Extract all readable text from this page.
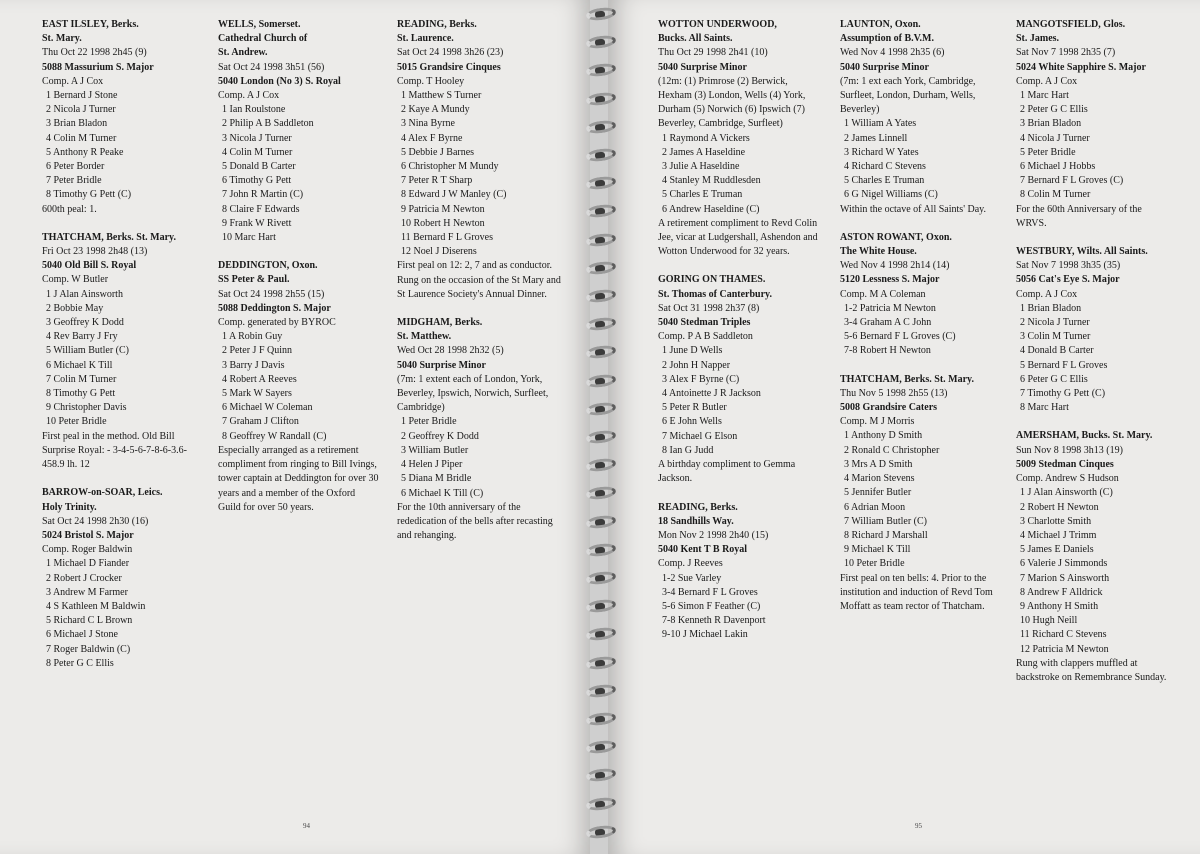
EAST ILSLEY, Berks.
St. Mary.
Thu Oct 22 1998 2h45 (9)
5088 Massurium S. Major
Comp. A J Cox
1 Bernard J Stone
2 Nicola J Turner
3 Brian Bladon
4 Colin M Turner
5 Anthony R Peake
6 Peter Border
7 Peter Bridle
8 Timothy G Pett (C)
600th peal: 1.
THATCHAM, Berks. St. Mary.
Fri Oct 23 1998 2h48 (13)
5040 Old Bill S. Royal
Comp. W Butler
1 J Alan Ainsworth
2 Bobbie May
3 Geoffrey K Dodd
4 Rev Barry J Fry
5 William Butler (C)
6 Michael K Till
7 Colin M Turner
8 Timothy G Pett
9 Christopher Davis
10 Peter Bridle
First peal in the method. Old Bill Surprise Royal: - 3-4-5-6-7-8-6-3.6-458.9 lh. 12
BARROW-on-SOAR, Leics.
Holy Trinity.
Sat Oct 24 1998 2h30 (16)
5024 Bristol S. Major
Comp. Roger Baldwin
1 Michael D Fiander
2 Robert J Crocker
3 Andrew M Farmer
4 S Kathleen M Baldwin
5 Richard C L Brown
6 Michael J Stone
7 Roger Baldwin (C)
8 Peter G C Ellis
WELLS, Somerset.
Cathedral Church of
St. Andrew.
Sat Oct 24 1998 3h51 (56)
5040 London (No 3) S. Royal
Comp. A J Cox
1 Ian Roulstone
2 Philip A B Saddleton
3 Nicola J Turner
4 Colin M Turner
5 Donald B Carter
6 Timothy G Pett
7 John R Martin (C)
8 Claire F Edwards
9 Frank W Rivett
10 Marc Hart
DEDDINGTON, Oxon.
SS Peter & Paul.
Sat Oct 24 1998 2h55 (15)
5088 Deddington S. Major
Comp. generated by BYROC
1 A Robin Guy
2 Peter J F Quinn
3 Barry J Davis
4 Robert A Reeves
5 Mark W Sayers
6 Michael W Coleman
7 Graham J Clifton
8 Geoffrey W Randall (C)
Especially arranged as a retirement compliment from ringing to Bill Ivings, tower captain at Deddington for over 30 years and a member of the Oxford Guild for over 50 years.
READING, Berks.
St. Laurence.
Sat Oct 24 1998 3h26 (23)
5015 Grandsire Cinques
Comp. T Hooley
1 Matthew S Turner
2 Kaye A Mundy
3 Nina Byrne
4 Alex F Byrne
5 Debbie J Barnes
6 Christopher M Mundy
7 Peter R T Sharp
8 Edward J W Manley (C)
9 Patricia M Newton
10 Robert H Newton
11 Bernard F L Groves
12 Noel J Diserens
First peal on 12: 2, 7 and as conductor. Rung on the occasion of the St Mary and St Laurence Society's Annual Dinner.
MIDGHAM, Berks.
St. Matthew.
Wed Oct 28 1998 2h32 (5)
5040 Surprise Minor
(7m: 1 extent each of London, York, Beverley, Ipswich, Norwich, Surfleet, Cambridge)
1 Peter Bridle
2 Geoffrey K Dodd
3 William Butler
4 Helen J Piper
5 Diana M Bridle
6 Michael K Till (C)
For the 10th anniversary of the rededication of the bells after recasting and rehanging.
94
WOTTON UNDERWOOD,
Bucks. All Saints.
Thu Oct 29 1998 2h41 (10)
5040 Surprise Minor
(12m: (1) Primrose (2) Berwick, Hexham (3) London, Wells (4) York, Durham (5) Norwich (6) Ipswich (7) Beverley, Cambridge, Surfleet)
1 Raymond A Vickers
2 James A Haseldine
3 Julie A Haseldine
4 Stanley M Ruddlesden
5 Charles E Truman
6 Andrew Haseldine (C)
A retirement compliment to Revd Colin Jee, vicar at Ludgershall, Ashendon and Wotton Underwood for 32 years.
GORING ON THAMES.
St. Thomas of Canterbury.
Sat Oct 31 1998 2h37 (8)
5040 Stedman Triples
Comp. P A B Saddleton
1 June D Wells
2 John H Napper
3 Alex F Byrne (C)
4 Antoinette J R Jackson
5 Peter R Butler
6 E John Wells
7 Michael G Elson
8 Ian G Judd
A birthday compliment to Gemma Jackson.
READING, Berks.
18 Sandhills Way.
Mon Nov 2 1998 2h40 (15)
5040 Kent T B Royal
Comp. J Reeves
1-2 Sue Varley
3-4 Bernard F L Groves
5-6 Simon F Feather (C)
7-8 Kenneth R Davenport
9-10 J Michael Lakin
LAUNTON, Oxon.
Assumption of B.V.M.
Wed Nov 4 1998 2h35 (6)
5040 Surprise Minor
(7m: 1 ext each York, Cambridge, Surfleet, London, Durham, Wells, Beverley)
1 William A Yates
2 James Linnell
3 Richard W Yates
4 Richard C Stevens
5 Charles E Truman
6 G Nigel Williams (C)
Within the octave of All Saints' Day.
ASTON ROWANT, Oxon.
The White House.
Wed Nov 4 1998 2h14 (14)
5120 Lessness S. Major
Comp. M A Coleman
1-2 Patricia M Newton
3-4 Graham A C John
5-6 Bernard F L Groves (C)
7-8 Robert H Newton
THATCHAM, Berks. St. Mary.
Thu Nov 5 1998 2h55 (13)
5008 Grandsire Caters
Comp. M J Morris
1 Anthony D Smith
2 Ronald C Christopher
3 Mrs A D Smith
4 Marion Stevens
5 Jennifer Butler
6 Adrian Moon
7 William Butler (C)
8 Richard J Marshall
9 Michael K Till
10 Peter Bridle
First peal on ten bells: 4. Prior to the institution and induction of Revd Tom Moffatt as team rector of Thatcham.
MANGOTSFIELD, Glos.
St. James.
Sat Nov 7 1998 2h35 (7)
5024 White Sapphire S. Major
Comp. A J Cox
1 Marc Hart
2 Peter G C Ellis
3 Brian Bladon
4 Nicola J Turner
5 Peter Bridle
6 Michael J Hobbs
7 Bernard F L Groves (C)
8 Colin M Turner
For the 60th Anniversary of the WRVS.
WESTBURY, Wilts. All Saints.
Sat Nov 7 1998 3h35 (35)
5056 Cat's Eye S. Major
Comp. A J Cox
1 Brian Bladon
2 Nicola J Turner
3 Colin M Turner
4 Donald B Carter
5 Bernard F L Groves
6 Peter G C Ellis
7 Timothy G Pett (C)
8 Marc Hart
AMERSHAM, Bucks. St. Mary.
Sun Nov 8 1998 3h13 (19)
5009 Stedman Cinques
Comp. Andrew S Hudson
1 J Alan Ainsworth (C)
2 Robert H Newton
3 Charlotte Smith
4 Michael J Trimm
5 James E Daniels
6 Valerie J Simmonds
7 Marion S Ainsworth
8 Andrew F Alldrick
9 Anthony H Smith
10 Hugh Neill
11 Richard C Stevens
12 Patricia M Newton
Rung with clappers muffled at backstroke on Remembrance Sunday.
95
